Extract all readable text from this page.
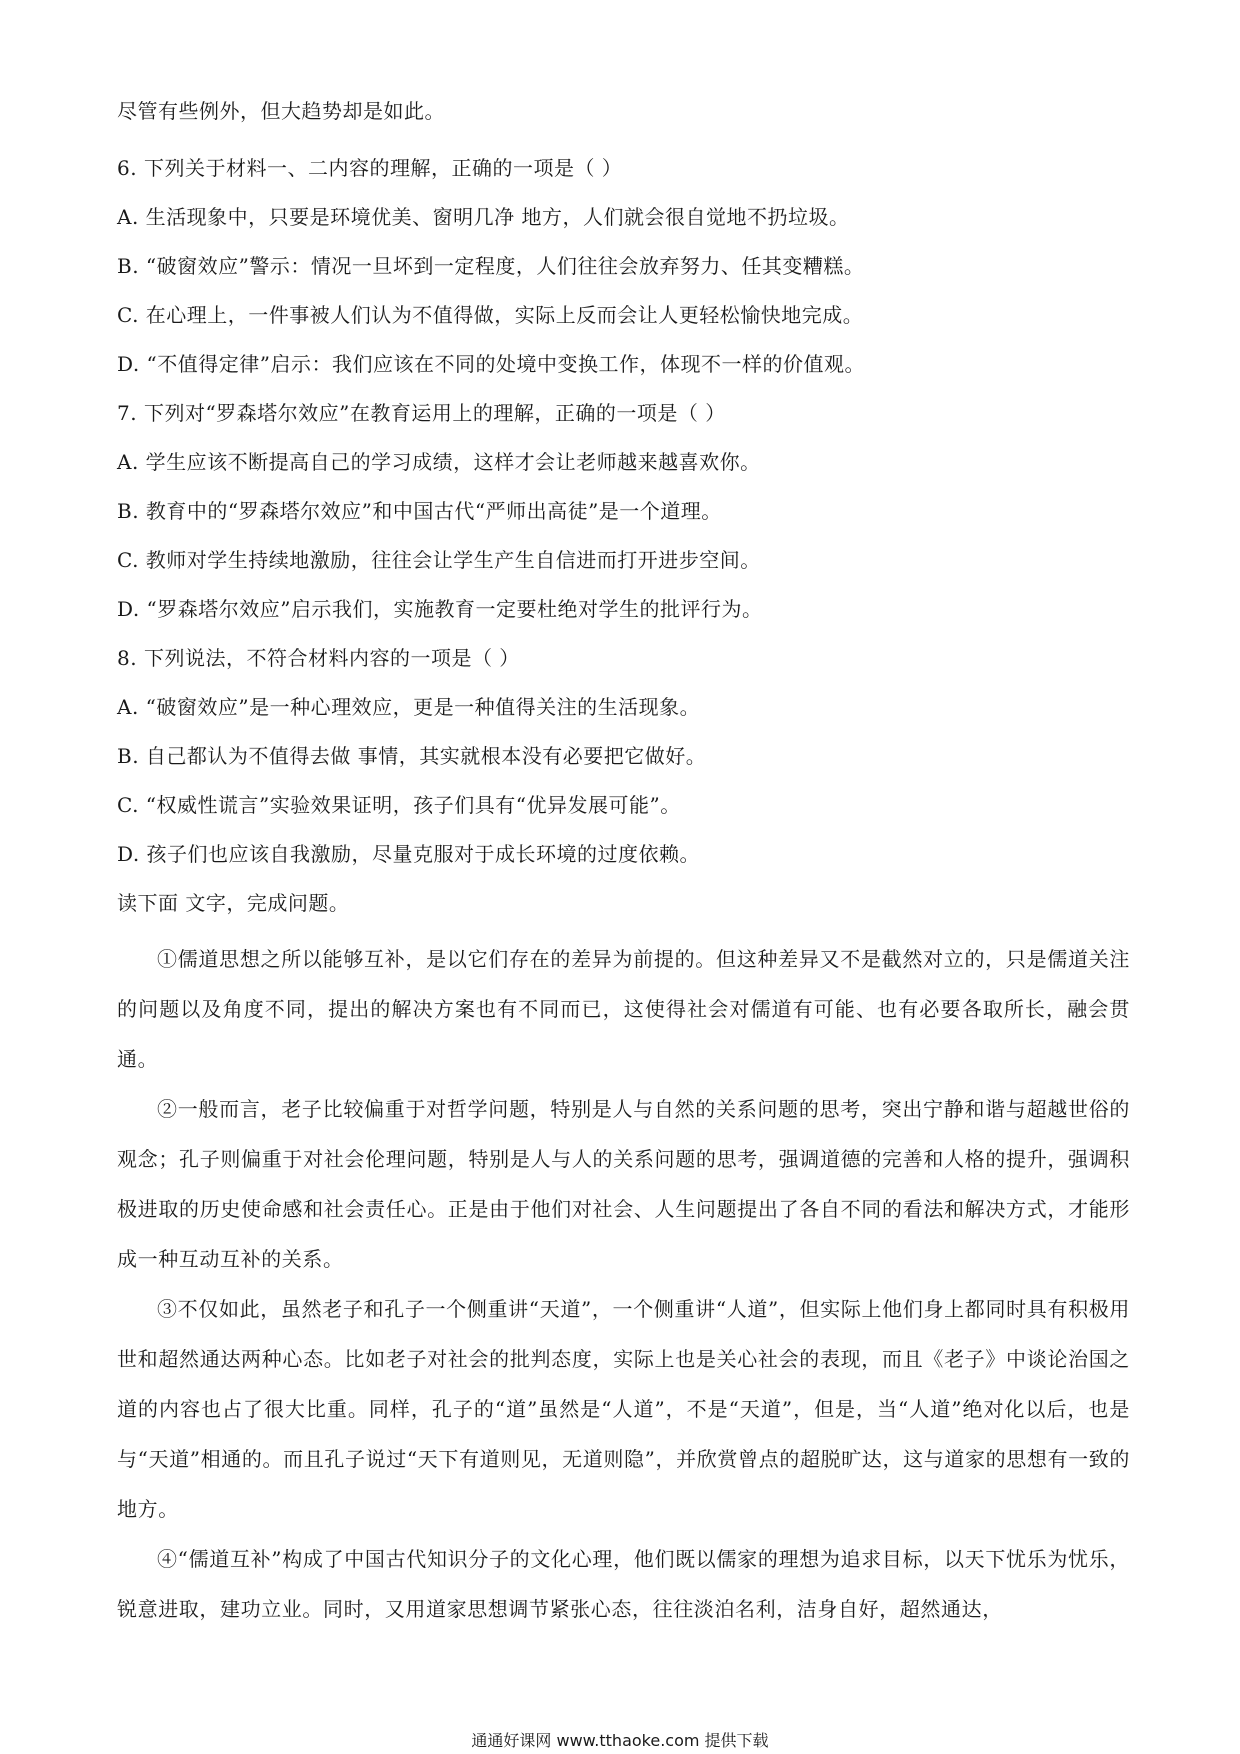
尽管有些例外，但大趋势却是如此。
6. 下列关于材料一、二内容的理解，正确的一项是（ ）
A. 生活现象中，只要是环境优美、窗明几净 地方，人们就会很自觉地不扔垃圾。
B. “破窗效应”警示：情况一旦坏到一定程度，人们往往会放弃努力、任其变糟糕。
C. 在心理上，一件事被人们认为不值得做，实际上反而会让人更轻松愉快地完成。
D. “不值得定律”启示：我们应该在不同的处境中变换工作，体现不一样的价值观。
7. 下列对“罗森塔尔效应”在教育运用上的理解，正确的一项是（ ）
A. 学生应该不断提高自己的学习成绩，这样才会让老师越来越喜欢你。
B. 教育中的“罗森塔尔效应”和中国古代“严师出高徒”是一个道理。
C. 教师对学生持续地激励，往往会让学生产生自信进而打开进步空间。
D. “罗森塔尔效应”启示我们，实施教育一定要杜绝对学生的批评行为。
8. 下列说法，不符合材料内容的一项是（ ）
A. “破窗效应”是一种心理效应，更是一种值得关注的生活现象。
B. 自己都认为不值得去做 事情，其实就根本没有必要把它做好。
C. “权威性谎言”实验效果证明，孩子们具有“优异发展可能”。
D. 孩子们也应该自我激励，尽量克服对于成长环境的过度依赖。
读下面 文字，完成问题。
①儒道思想之所以能够互补，是以它们存在的差异为前提的。但这种差异又不是截然对立的，只是儒道关注的问题以及角度不同，提出的解决方案也有不同而已，这使得社会对儒道有可能、也有必要各取所长，融会贯通。
②一般而言，老子比较偏重于对哲学问题，特别是人与自然的关系问题的思考，突出宁静和谐与超越世俗的观念；孔子则偏重于对社会伦理问题，特别是人与人的关系问题的思考，强调道德的完善和人格的提升，强调积极进取的历史使命感和社会责任心。正是由于他们对社会、人生问题提出了各自不同的看法和解决方式，才能形成一种互动互补的关系。
③不仅如此，虽然老子和孔子一个侧重讲“天道”，一个侧重讲“人道”，但实际上他们身上都同时具有积极用世和超然通达两种心态。比如老子对社会的批判态度，实际上也是关心社会的表现，而且《老子》中谈论治国之道的内容也占了很大比重。同样，孔子的“道”虽然是“人道”，不是“天道”，但是，当“人道”绝对化以后，也是与“天道”相通的。而且孔子说过“天下有道则见，无道则隐”，并欣赏曾点的超脱旷达，这与道家的思想有一致的地方。
④“儒道互补”构成了中国古代知识分子的文化心理，他们既以儒家的理想为追求目标，以天下忧乐为忧乐，锐意进取，建功立业。同时，又用道家思想调节紧张心态，往往淡泊名利，洁身自好，超然通达，
通通好课网 www.tthaoke.com 提供下载
